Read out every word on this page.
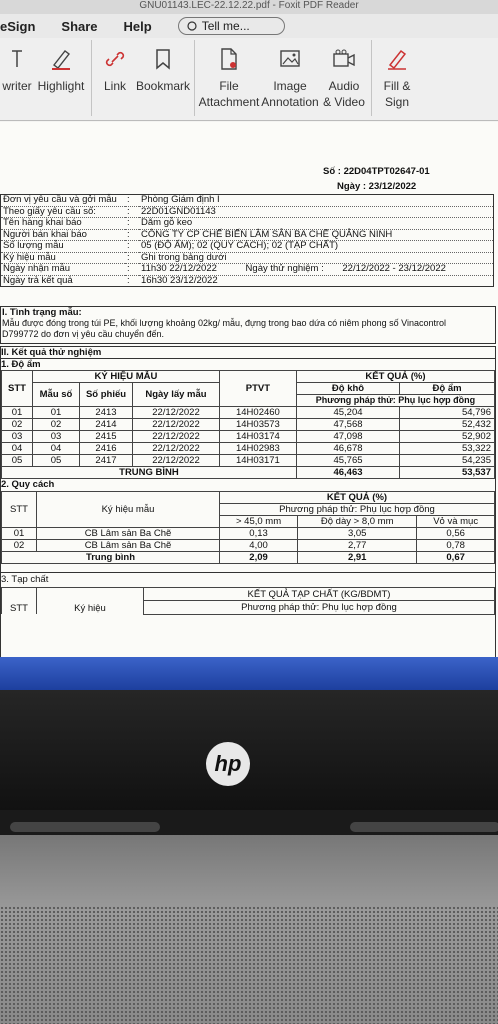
GNU01143.LEC-22.12.22.pdf - Foxit PDF Reader
eSign Share Help	Tell me...
writer Highlight Link Bookmark	File
Attachment
Image
Annotation
Audio
& Video
Fill &
Sign
Số : 22D04TPT02647-01
Ngày : 23/12/2022
Đơn vị yêu cầu và gởi mẫu	:	Phòng Giám định I
Theo giấy yêu cầu số:	:	22D01GND01143
Tên hàng khai báo	:	Dăm gỗ keo
Người bán khai báo	:	CÔNG TY CP CHẾ BIẾN LÂM SẢN BA CHẼ QUẢNG NINH
Số lượng mẫu	:	05 (ĐỘ ẨM); 02 (QUY CÁCH); 02 (TẠP CHẤT)
Ký hiệu mẫu	:	Ghi trong bảng dưới
Ngày nhận mẫu	:	11h30 22/12/2022 Ngày thử nghiệm : 22/12/2022 - 23/12/2022
Ngày trả kết quả	:	16h30 23/12/2022
I. Tình trạng mẫu:
Mẫu được đóng trong túi PE, khối lượng khoảng 02kg/ mẫu, đựng trong bao dứa có niêm phong số Vinacontrol
D799772 do đơn vị yêu cầu chuyển đến.
II. Kết quả thử nghiệm
1. Độ ẩm
STT	KÝ HIỆU MẪU			PTVT	KẾT QUẢ (%)	
	Mẫu số	Số phiếu	Ngày lấy mẫu		Độ khô	Độ ẩm
					Phương pháp thử: Phụ lục hợp đồng	
01	01	2413	22/12/2022	14H02460	45,204	54,796
02	02	2414	22/12/2022	14H03573	47,568	52,432
03	03	2415	22/12/2022	14H03174	47,098	52,902
04	04	2416	22/12/2022	14H02983	46,678	53,322
05	05	2417	22/12/2022	14H03171	45,765	54,235
TRUNG BÌNH					46,463	53,537
2. Quy cách
STT	Ký hiệu mẫu	KẾT QUẢ (%)		
		Phương pháp thử: Phụ lục hợp đồng		
		> 45,0 mm	Độ dày > 8,0 mm	Vỏ và mục
01	CB Lâm sản Ba Chẽ	0,13	3,05	0,56
02	CB Lâm sản Ba Chẽ	4,00	2,77	0,78
Trung bình		2,09	2,91	0,67
3. Tạp chất
STT	Ký hiệu	KẾT QUẢ TẠP CHẤT (KG/BDMT)
Phương pháp thử: Phụ lục hợp đồng
hp
